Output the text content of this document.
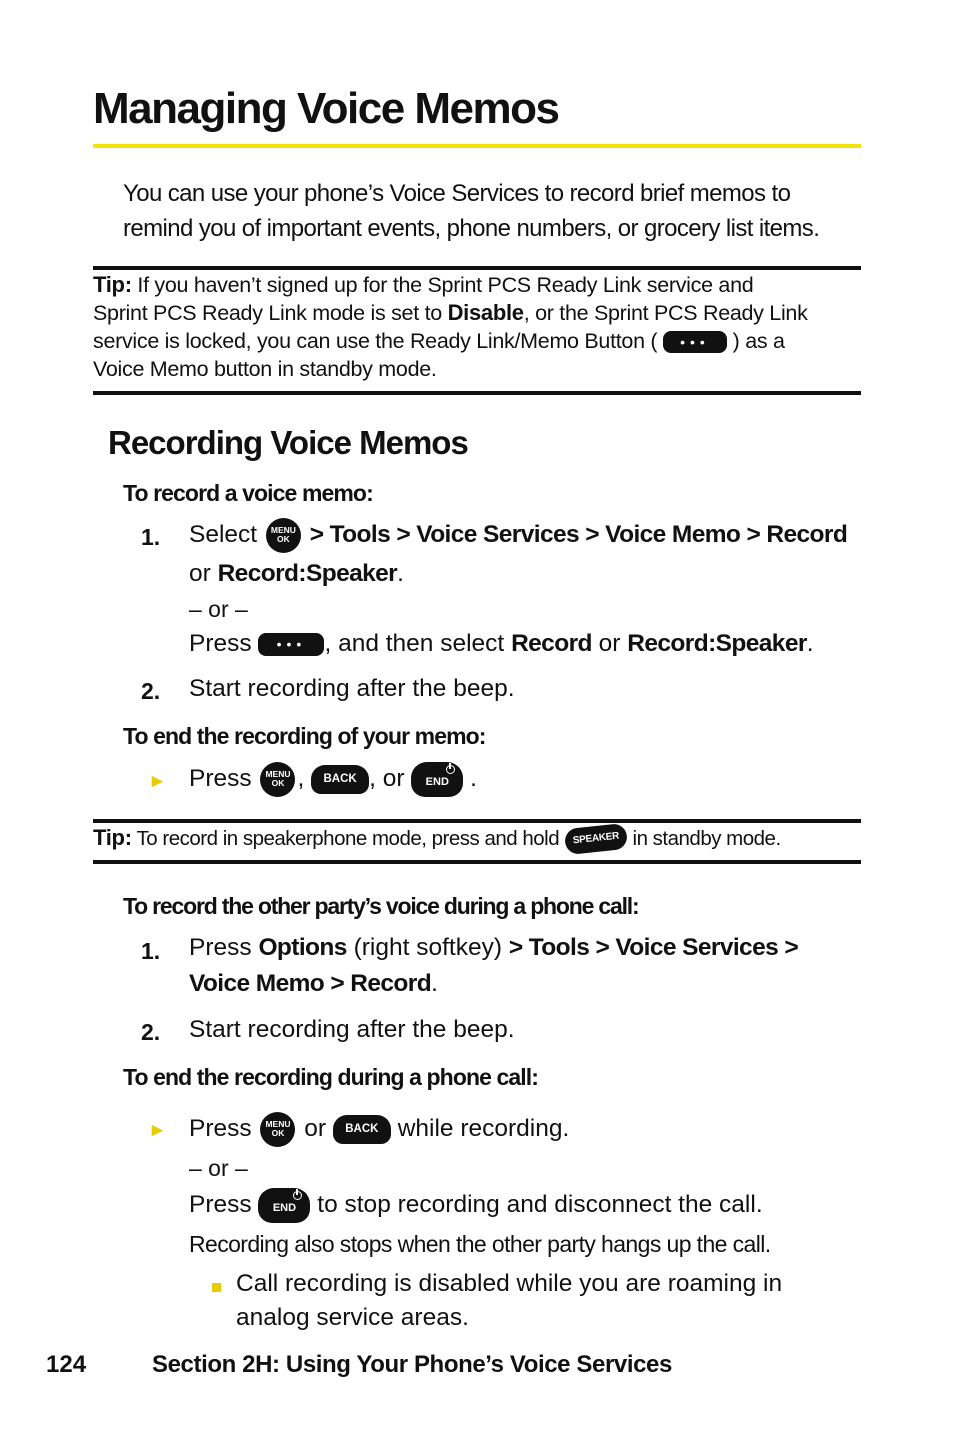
Managing Voice Memos
You can use your phone’s Voice Services to record brief memos to
remind you of important events, phone numbers, or grocery list items.
Tip: If you haven’t signed up for the Sprint PCS Ready Link service and
Sprint PCS Ready Link mode is set to Disable, or the Sprint PCS Ready Link
service is locked, you can use the Ready Link/Memo Button ( ••• ) as a
Voice Memo button in standby mode.
Recording Voice Memos
To record a voice memo:
1. Select MENU
OK > Tools > Voice Services > Voice Memo > Record
or Record:Speaker.
– or –
Press ••• , and then select Record or Record:Speaker.
2. Start recording after the beep.
To end the recording of your memo:
► Press MENU
OK , BACK , or END .
Tip: To record in speakerphone mode, press and hold SPEAKER in standby mode.
To record the other party’s voice during a phone call:
1. Press Options (right softkey) > Tools > Voice Services >
Voice Memo > Record.
2. Start recording after the beep.
To end the recording during a phone call:
► Press MENU
OK or BACK while recording.
– or –
Press END to stop recording and disconnect the call.
Recording also stops when the other party hangs up the call.
Call recording is disabled while you are roaming in
analog service areas.
124	Section 2H: Using Your Phone’s Voice Services
